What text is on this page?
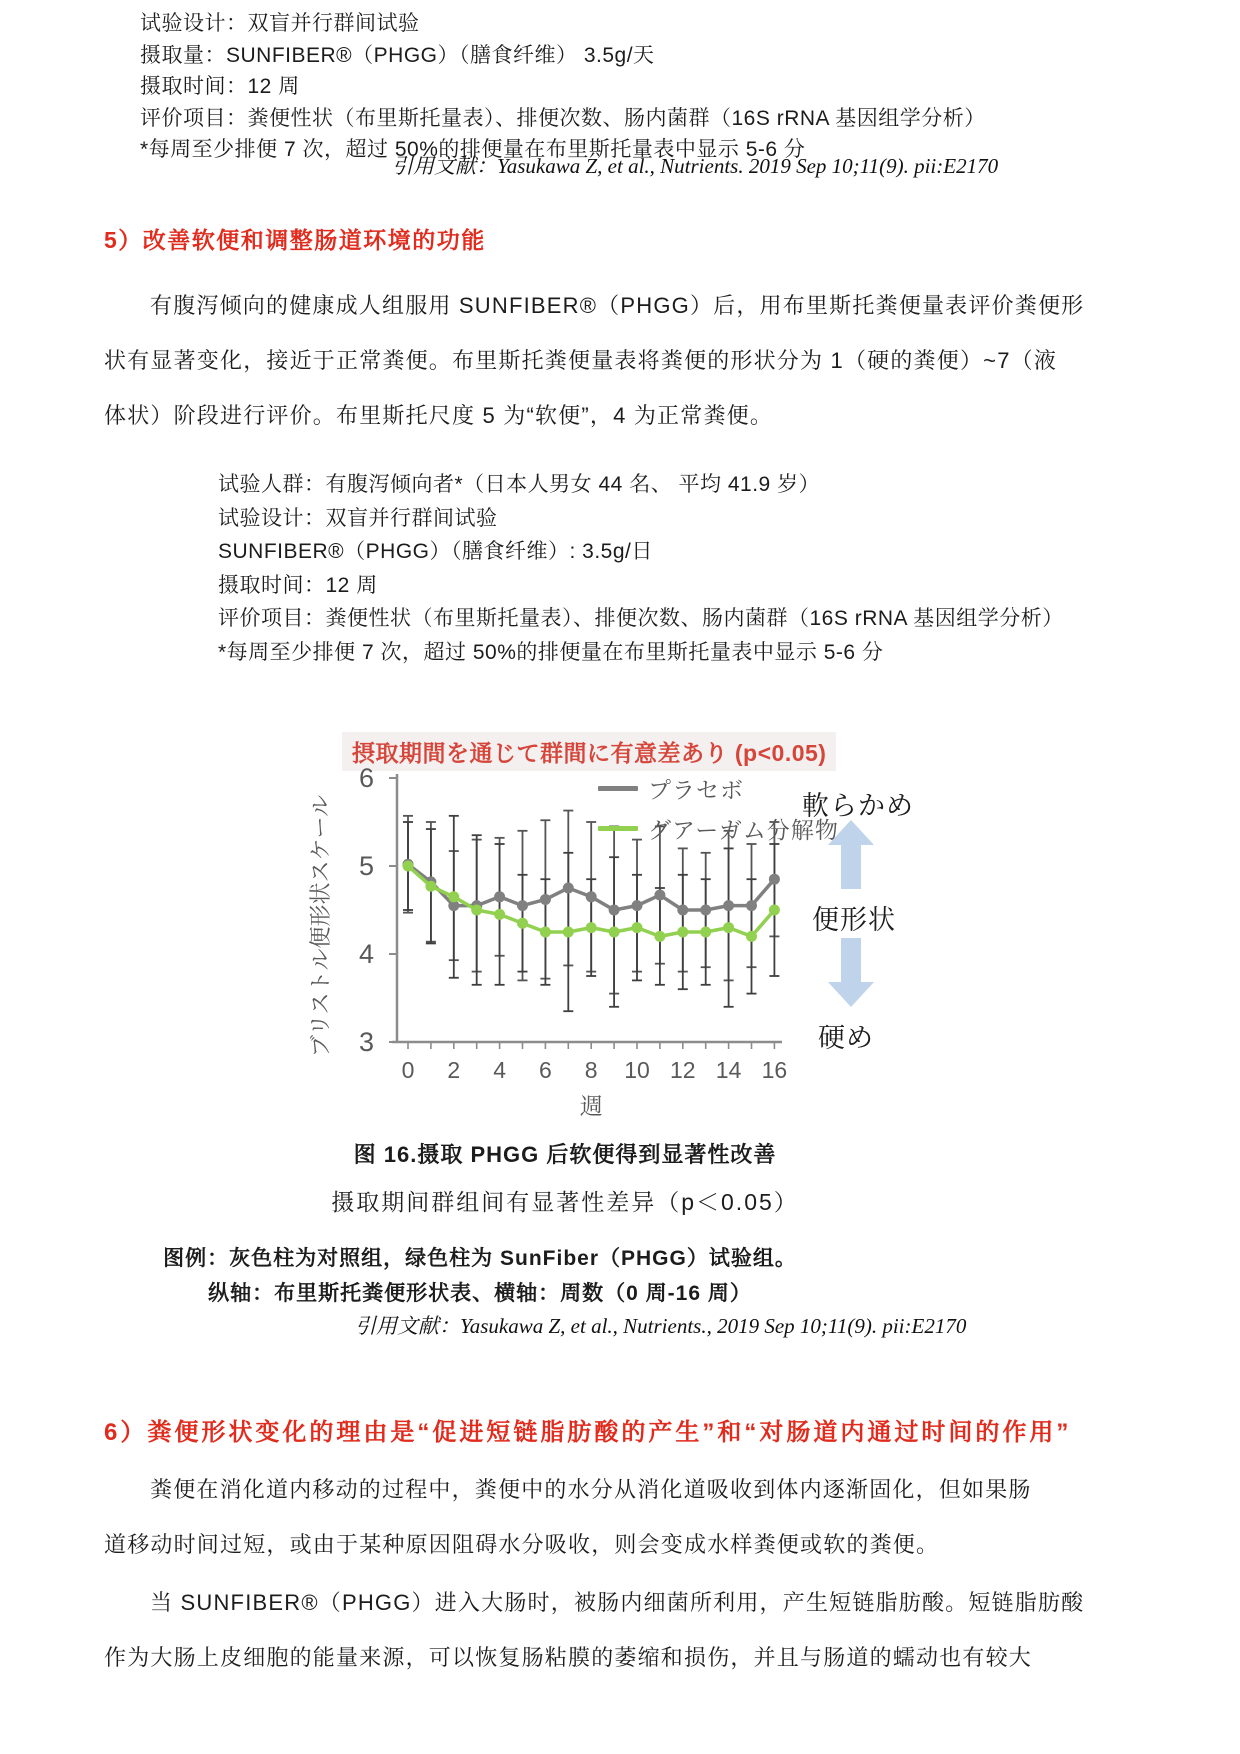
试验设计：双盲并行群间试验
摄取量：SUNFIBER®（PHGG）（膳食纤维） 3.5g/天
摄取时间：12 周
评价项目：粪便性状（布里斯托量表）、排便次数、肠内菌群（16S rRNA 基因组学分析）
*每周至少排便 7 次，超过 50%的排便量在布里斯托量表中显示 5-6 分
引用文献：Yasukawa Z, et al., Nutrients. 2019 Sep 10;11(9). pii:E2170
5）改善软便和调整肠道环境的功能
有腹泻倾向的健康成人组服用 SUNFIBER®（PHGG）后，用布里斯托粪便量表评价粪便形
状有显著变化，接近于正常粪便。布里斯托粪便量表将粪便的形状分为 1（硬的粪便）~7（液
体状）阶段进行评价。布里斯托尺度 5 为“软便”，4 为正常粪便。
试验人群：有腹泻倾向者*（日本人男女 44 名、 平均 41.9 岁）
试验设计：双盲并行群间试验
SUNFIBER®（PHGG）（膳食纤维）: 3.5g/日
摄取时间：12 周
评价项目：粪便性状（布里斯托量表）、排便次数、肠内菌群（16S rRNA 基因组学分析）
*每周至少排便 7 次，超过 50%的排便量在布里斯托量表中显示 5-6 分
摂取期間を通じて群間に有意差あり (p<0.05)
3
4
5
6
0 2 4 6 8 10 12 14 16
週
ブリストル便形状スケール
プラセボ
グアーガム分解物
軟らかめ
便形状
硬め
图 16.摄取 PHGG 后软便得到显著性改善
摄取期间群组间有显著性差异（p＜0.05）
图例：灰色柱为对照组，绿色柱为 SunFiber（PHGG）试验组。
纵轴：布里斯托粪便形状表、横轴：周数（0 周-16 周）
引用文献：Yasukawa Z, et al., Nutrients., 2019 Sep 10;11(9). pii:E2170
6）粪便形状变化的理由是“促进短链脂肪酸的产生”和“对肠道内通过时间的作用”
粪便在消化道内移动的过程中，粪便中的水分从消化道吸收到体内逐渐固化，但如果肠
道移动时间过短，或由于某种原因阻碍水分吸收，则会变成水样粪便或软的粪便。
当 SUNFIBER®（PHGG）进入大肠时，被肠内细菌所利用，产生短链脂肪酸。短链脂肪酸
作为大肠上皮细胞的能量来源，可以恢复肠粘膜的萎缩和损伤，并且与肠道的蠕动也有较大
